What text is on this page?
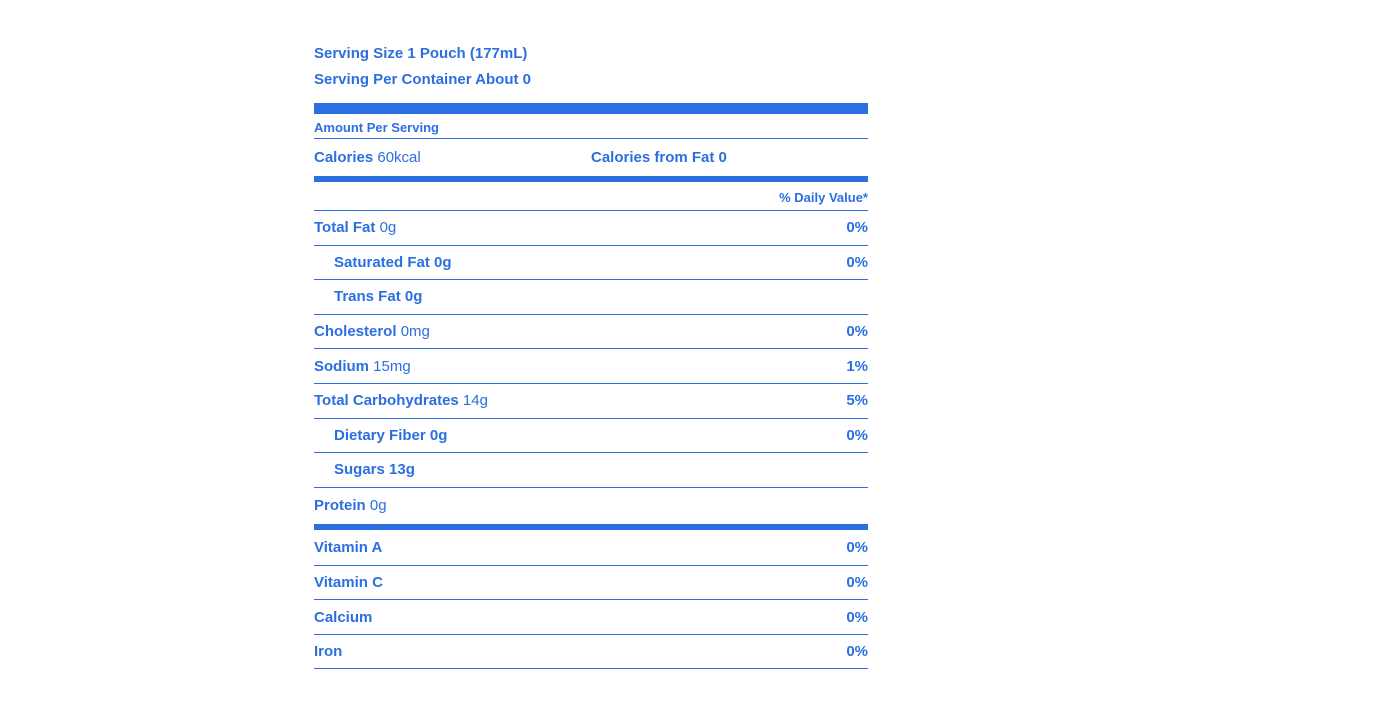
Serving Size 1 Pouch (177mL)
Serving Per Container About 0
Amount Per Serving
Calories 60kcal	Calories from Fat 0
% Daily Value*
Total Fat 0g	0%
Saturated Fat 0g	0%
Trans Fat 0g
Cholesterol 0mg	0%
Sodium 15mg	1%
Total Carbohydrates 14g	5%
Dietary Fiber 0g	0%
Sugars 13g
Protein 0g
Vitamin A	0%
Vitamin C	0%
Calcium	0%
Iron	0%
